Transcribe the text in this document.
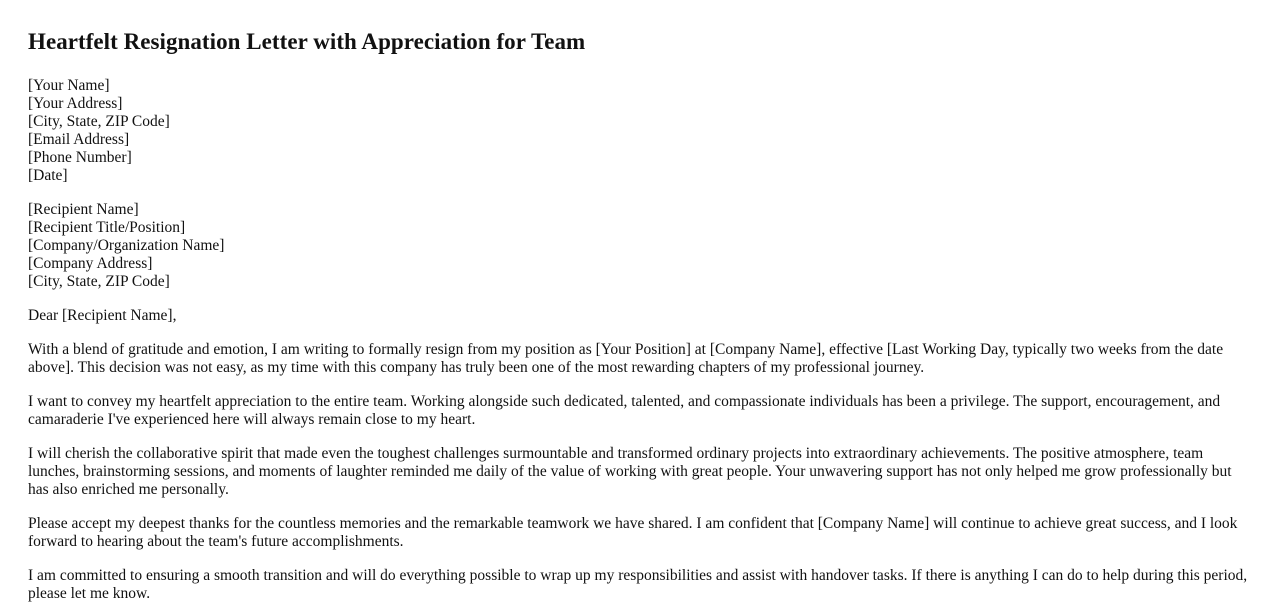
Heartfelt Resignation Letter with Appreciation for Team
[Your Name]
[Your Address]
[City, State, ZIP Code]
[Email Address]
[Phone Number]
[Date]
[Recipient Name]
[Recipient Title/Position]
[Company/Organization Name]
[Company Address]
[City, State, ZIP Code]

Dear [Recipient Name],

With a blend of gratitude and emotion, I am writing to formally resign from my position as [Your Position] at [Company Name], effective [Last Working Day, typically two weeks from the date above]. This decision was not easy, as my time with this company has truly been one of the most rewarding chapters of my professional journey.

I want to convey my heartfelt appreciation to the entire team. Working alongside such dedicated, talented, and compassionate individuals has been a privilege. The support, encouragement, and camaraderie I've experienced here will always remain close to my heart.

I will cherish the collaborative spirit that made even the toughest challenges surmountable and transformed ordinary projects into extraordinary achievements. The positive atmosphere, team lunches, brainstorming sessions, and moments of laughter reminded me daily of the value of working with great people. Your unwavering support has not only helped me grow professionally but has also enriched me personally.

Please accept my deepest thanks for the countless memories and the remarkable teamwork we have shared. I am confident that [Company Name] will continue to achieve great success, and I look forward to hearing about the team's future accomplishments.

I am committed to ensuring a smooth transition and will do everything possible to wrap up my responsibilities and assist with handover tasks. If there is anything I can do to help during this period, please let me know.
